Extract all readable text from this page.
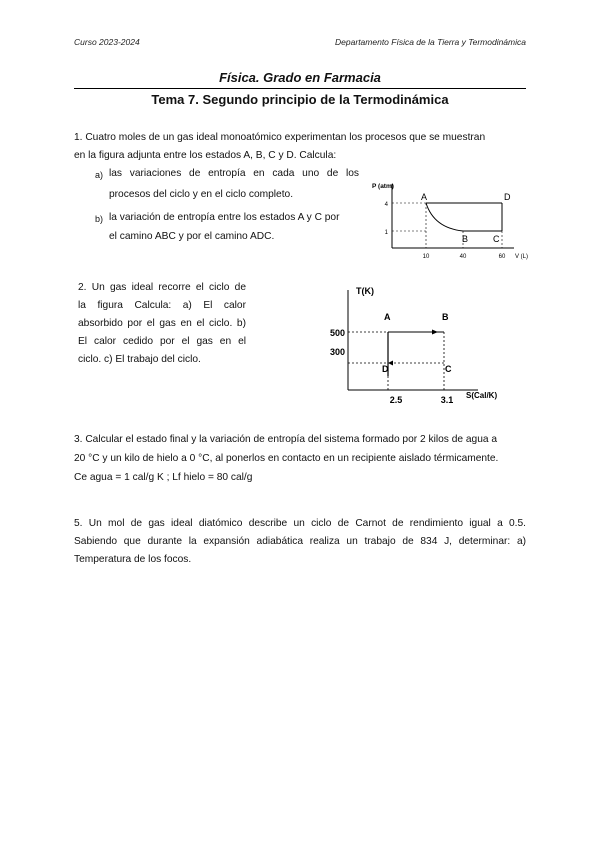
Curso 2023-2024	Departamento Física de la Tierra y Termodinámica
Física. Grado en Farmacia
Tema 7. Segundo principio de la Termodinámica
1. Cuatro moles de un gas ideal monoatómico experimentan los procesos que se muestran
en la figura adjunta entre los estados A, B, C y D. Calcula:
a) las variaciones de entropía en cada uno de los
procesos del ciclo y en el ciclo completo.
b) la variación de entropía entre los estados A y C por
el camino ABC y por el camino ADC.
P (atm)
V (L)
4
1
10	40	60
A
B	C
D
2. Un gas ideal recorre el ciclo de
la figura Calcula: a) El calor
absorbido por el gas en el ciclo. b)
El calor cedido por el gas en el
ciclo. c) El trabajo del ciclo.
T(K)
S(Cal/K)
500
300
2.5	3.1
A	B
C
D
3. Calcular el estado final y la variación de entropía del sistema formado por 2 kilos de agua a
20 °C y un kilo de hielo a 0 °C, al ponerlos en contacto en un recipiente aislado térmicamente.
Ce agua = 1 cal/g K ; Lf hielo = 80 cal/g
5. Un mol de gas ideal diatómico describe un ciclo de Carnot de rendimiento igual a 0.5.
Sabiendo que durante la expansión adiabática realiza un trabajo de 834 J, determinar: a)
Temperatura de los focos.
